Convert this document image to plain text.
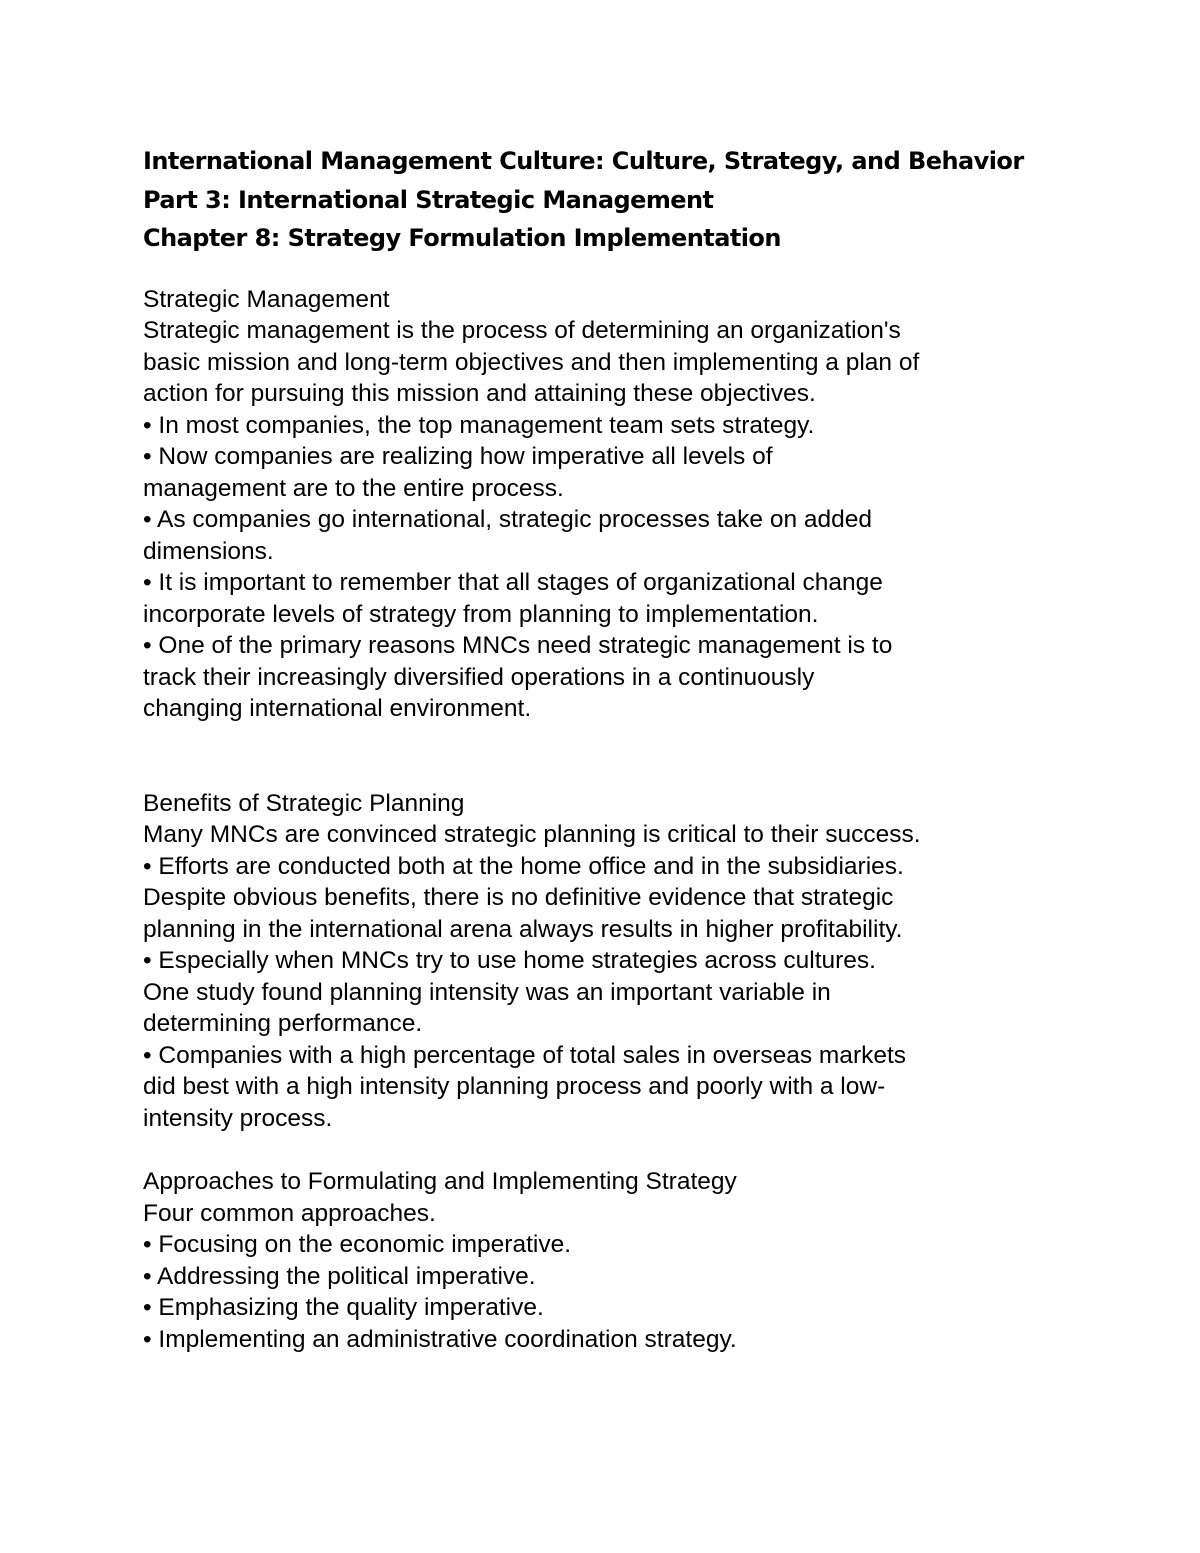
International Management Culture: Culture, Strategy, and Behavior

Part 3: International Strategic Management

Chapter 8: Strategy Formulation Implementation

Strategic Management

Strategic management is the process of determining an organization's

basic mission and long-term objectives and then implementing a plan of

action for pursuing this mission and attaining these objectives.

• In most companies, the top management team sets strategy.

• Now companies are realizing how imperative all levels of

management are to the entire process.

• As companies go international, strategic processes take on added

dimensions.

• It is important to remember that all stages of organizational change

incorporate levels of strategy from planning to implementation.

• One of the primary reasons MNCs need strategic management is to

track their increasingly diversified operations in a continuously

changing international environment.

Benefits of Strategic Planning

Many MNCs are convinced strategic planning is critical to their success.

• Efforts are conducted both at the home office and in the subsidiaries.

Despite obvious benefits, there is no definitive evidence that strategic

planning in the international arena always results in higher profitability.

• Especially when MNCs try to use home strategies across cultures.

One study found planning intensity was an important variable in

determining performance.

• Companies with a high percentage of total sales in overseas markets

did best with a high intensity planning process and poorly with a low-

intensity process.

Approaches to Formulating and Implementing Strategy

Four common approaches.

• Focusing on the economic imperative.

• Addressing the political imperative.

• Emphasizing the quality imperative.

• Implementing an administrative coordination strategy.
